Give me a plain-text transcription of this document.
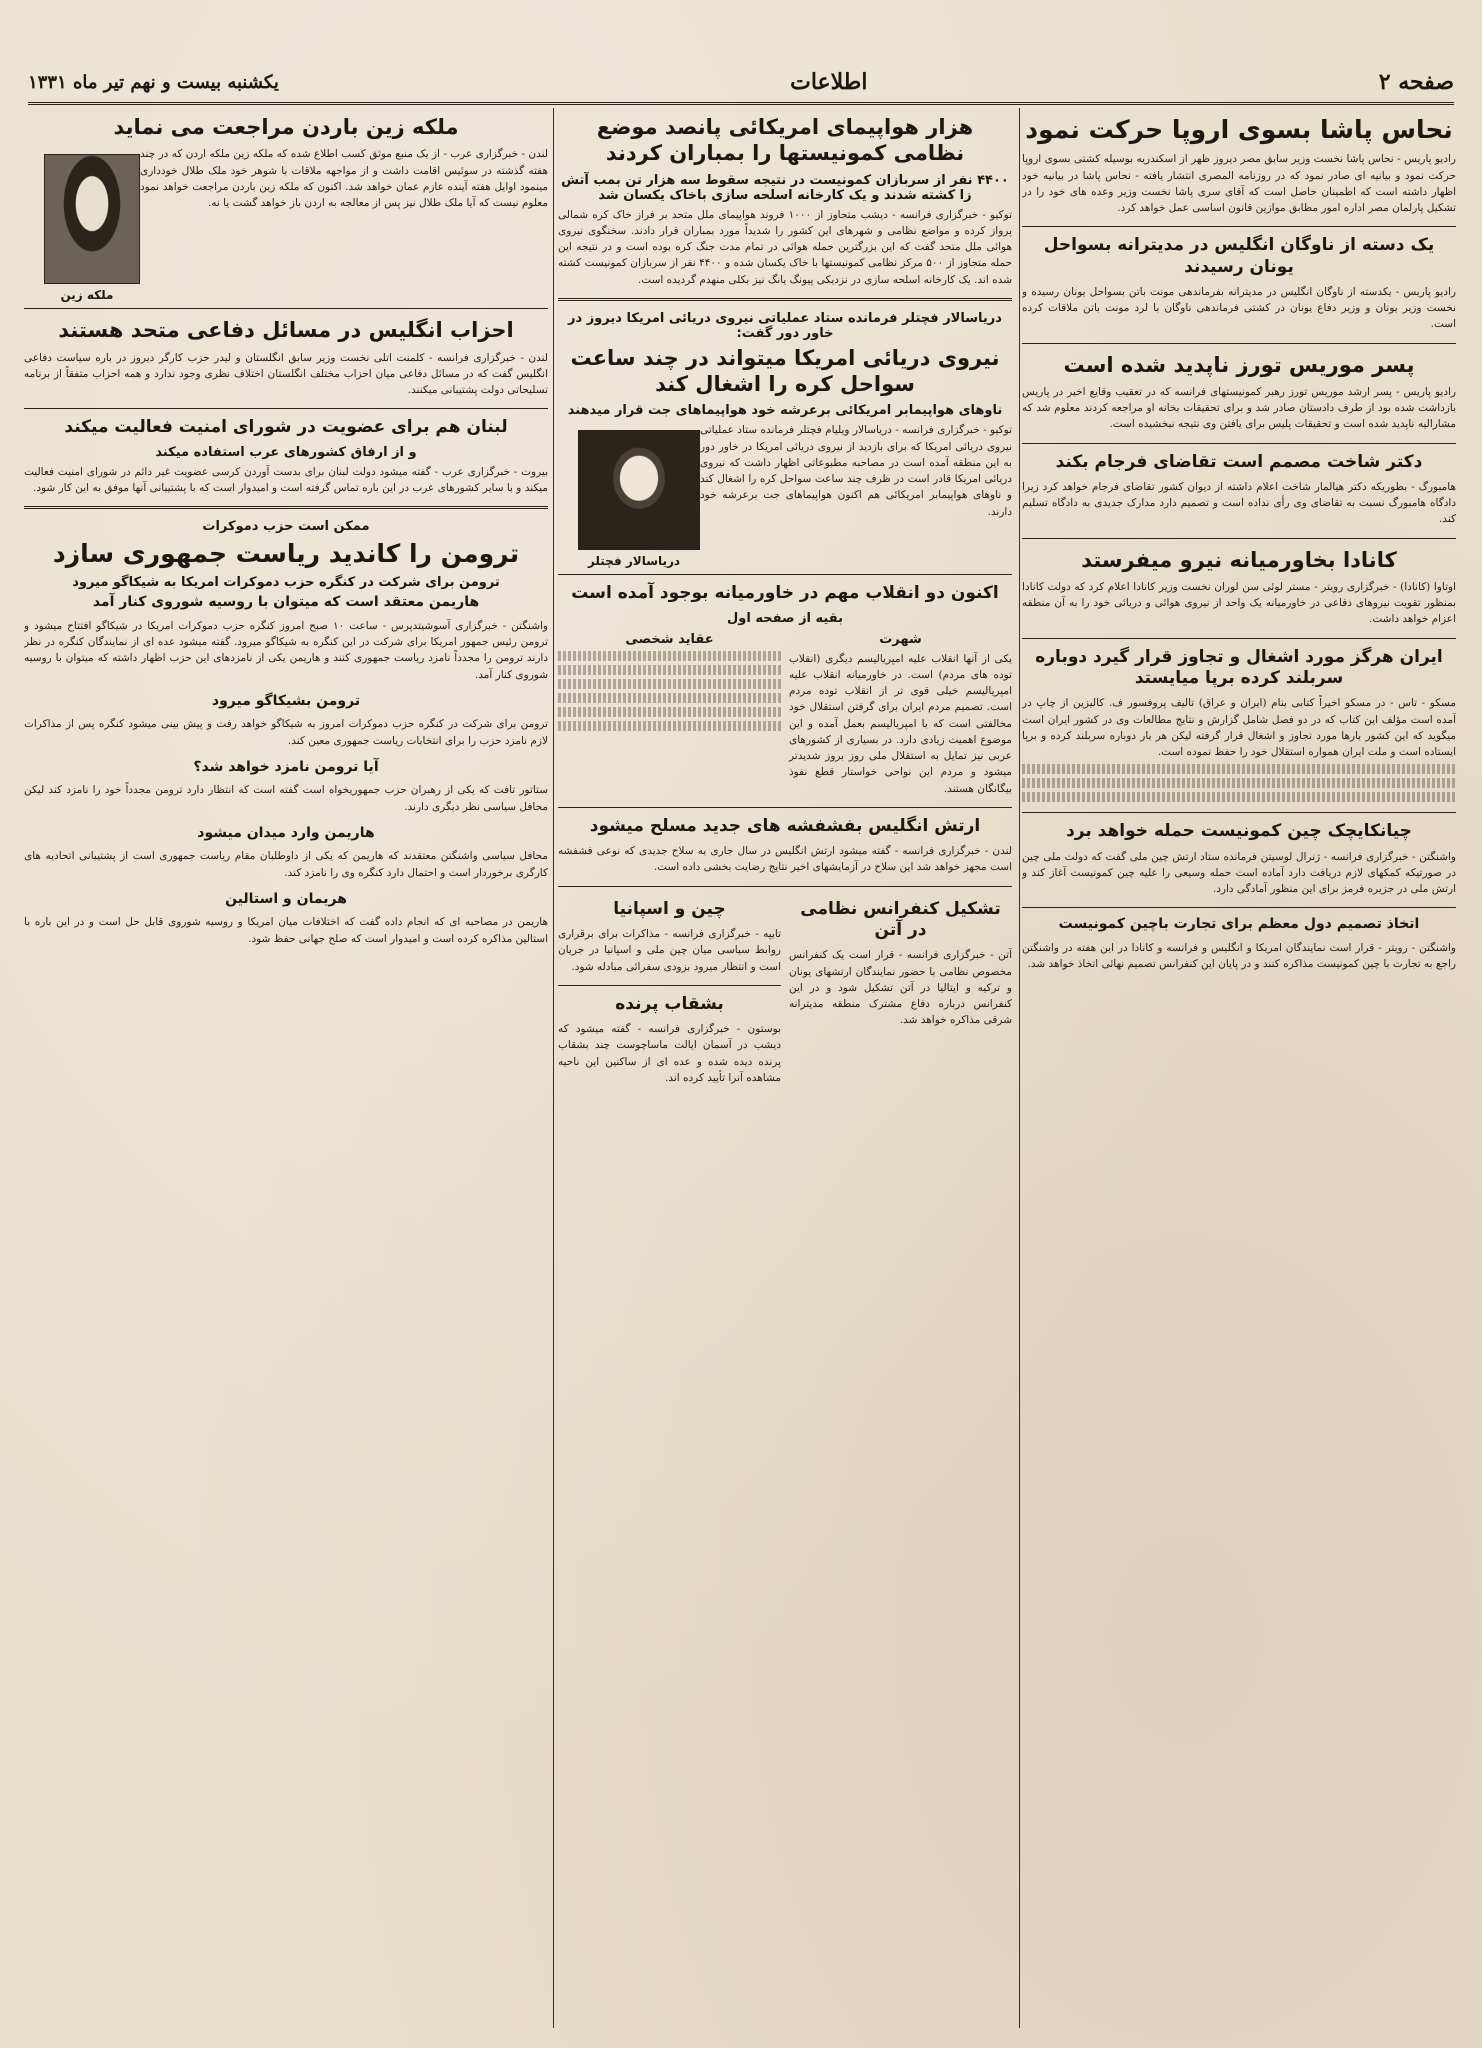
صفحه ۲
اطلاعات
یکشنبه بیست و نهم تیر ماه ۱۳۳۱
نحاس پاشا بسوی اروپا حرکت نمود

رادیو پاریس - نحاس پاشا نخست وزیر سابق مصر دیروز ظهر از اسکندریه بوسیله کشتی بسوی اروپا حرکت نمود و بیانیه ای صادر نمود که در روزنامه المصری انتشار یافته - نحاس پاشا در بیانیه خود اظهار داشته است که اطمینان حاصل است که آقای سری پاشا نخست وزیر وعده های خود را در تشکیل پارلمان مصر اداره امور مطابق موازین قانون اساسی عمل خواهد کرد.

یک دسته از ناوگان انگلیس در مدیترانه بسواحل یونان رسیدند

رادیو پاریس - یکدسته از ناوگان انگلیس در مدیترانه بفرماندهی مونت باتن بسواحل یونان رسیده و نخست وزیر یونان و وزیر دفاع یونان در کشتی فرماندهی ناوگان با لرد مونت باتن ملاقات کرده است.

پسر موریس تورز ناپدید شده است

رادیو پاریس - پسر ارشد موریس تورز رهبر کمونیستهای فرانسه که در تعقیب وقایع اخیر در پاریس بازداشت شده بود از طرف دادستان صادر شد و برای تحقیقات بخانه او مراجعه کردند معلوم شد که مشارالیه ناپدید شده است و تحقیقات پلیس برای یافتن وی نتیجه نبخشیده است.

دکتر شاخت مصمم است تقاضای فرجام بکند

هامبورگ - بطوریکه دکتر هیالمار شاخت اعلام داشته از دیوان کشور تقاضای فرجام خواهد کرد زیرا دادگاه هامبورگ نسبت به تقاضای وی رأی نداده است و تصمیم دارد مدارک جدیدی به دادگاه تسلیم کند.

کانادا بخاورمیانه نیرو میفرستد

اوتاوا (کانادا) - خبرگزاری رویتر - مستر لوئی سن لوران نخست وزیر کانادا اعلام کرد که دولت کانادا بمنظور تقویت نیروهای دفاعی در خاورمیانه یک واحد از نیروی هوائی و دریائی خود را به آن منطقه اعزام خواهد داشت.

ایران هرگز مورد اشغال و تجاوز قرار گیرد دوباره سربلند کرده برپا میایستد

مسکو - تاس - در مسکو اخیراً کتابی بنام (ایران و عراق) تالیف پروفسور ف. کالیزین از چاپ در آمده است مؤلف این کتاب که در دو فصل شامل گزارش و نتایج مطالعات وی در کشور ایران است میگوید که این کشور بارها مورد تجاوز و اشغال قرار گرفته لیکن هر بار دوباره سربلند کرده و برپا ایستاده است و ملت ایران همواره استقلال خود را حفظ نموده است.

چیانکایچک چین کمونیست حمله خواهد برد

واشنگتن - خبرگزاری فرانسه - ژنرال لوسیتن فرمانده ستاد ارتش چین ملی گفت که دولت ملی چین در صورتیکه کمکهای لازم دریافت دارد آماده است حمله وسیعی را علیه چین کمونیست آغاز کند و ارتش ملی در جزیره فرمز برای این منظور آمادگی دارد.

اتخاذ تصمیم دول معظم برای تجارت باچین کمونیست

واشنگتن - رویتر - قرار است نمایندگان امریکا و انگلیس و فرانسه و کانادا در این هفته در واشنگتن راجع به تجارت با چین کمونیست مذاکره کنند و در پایان این کنفرانس تصمیم نهائی اتخاذ خواهد شد.

هزار هواپیمای امریکائی پانصد موضع نظامی کمونیستها را بمباران کردند
۴۴۰۰ نفر از سربازان کمونیست در نتیجه سقوط سه هزار تن بمب آتش زا کشته شدند و یک کارخانه اسلحه سازی باخاک یکسان شد

توکیو - خبرگزاری فرانسه - دیشب متجاوز از ۱۰۰۰ فروند هواپیمای ملل متحد بر فراز خاک کره شمالی پرواز کرده و مواضع نظامی و شهرهای این کشور را شدیداً مورد بمباران قرار دادند. سخنگوی نیروی هوائی ملل متحد گفت که این بزرگترین حمله هوائی در تمام مدت جنگ کره بوده است و در نتیجه این حمله متجاوز از ۵۰۰ مرکز نظامی کمونیستها با خاک یکسان شده و ۴۴۰۰ نفر از سربازان کمونیست کشته شده اند. یک کارخانه اسلحه سازی در نزدیکی پیونگ یانگ نیز بکلی منهدم گردیده است.

دریاسالار فچتلر فرمانده ستاد عملیاتی نیروی دریائی امریکا دیروز در خاور دور گفت:
نیروی دریائی امریکا میتواند در چند ساعت سواحل کره را اشغال کند
ناوهای هواپیمابر امریکائی برعرشه خود هواپیماهای جت قرار میدهند
دریاسالار فچتلر

توکیو - خبرگزاری فرانسه - دریاسالار ویلیام فچتلر فرمانده ستاد عملیاتی نیروی دریائی امریکا که برای بازدید از نیروی دریائی امریکا در خاور دور به این منطقه آمده است در مصاحبه مطبوعاتی اظهار داشت که نیروی دریائی امریکا قادر است در ظرف چند ساعت سواحل کره را اشغال کند و ناوهای هواپیمابر امریکائی هم اکنون هواپیماهای جت برعرشه خود دارند.

اکنون دو انقلاب مهم در خاورمیانه بوجود آمده است
بقیه از صفحه اول
شهرت

یکی از آنها انقلاب علیه امپریالیسم دیگری (انقلاب توده های مردم) است. در خاورمیانه انقلاب علیه امپریالیسم خیلی قوی تر از انقلاب توده مردم است. تصمیم مردم ایران برای گرفتن استقلال خود مخالفتی است که با امپریالیسم بعمل آمده و این موضوع اهمیت زیادی دارد. در بسیاری از کشورهای عربی نیز تمایل به استقلال ملی روز بروز شدیدتر میشود و مردم این نواحی خواستار قطع نفوذ بیگانگان هستند.

عقاید شخصی
ارتش انگلیس بفشفشه های جدید مسلح میشود

لندن - خبرگزاری فرانسه - گفته میشود ارتش انگلیس در سال جاری به سلاح جدیدی که نوعی فشفشه است مجهز خواهد شد این سلاح در آزمایشهای اخیر نتایج رضایت بخشی داده است.

تشکیل کنفرانس نظامی در آتن

آتن - خبرگزاری فرانسه - قرار است یک کنفرانس مخصوص نظامی با حضور نمایندگان ارتشهای یونان و ترکیه و ایتالیا در آتن تشکیل شود و در این کنفرانس درباره دفاع مشترک منطقه مدیترانه شرقی مذاکره خواهد شد.

چین و اسپانیا

تایپه - خبرگزاری فرانسه - مذاکرات برای برقراری روابط سیاسی میان چین ملی و اسپانیا در جریان است و انتظار میرود بزودی سفرائی مبادله شود.

بشقاب پرنده

بوستون - خبرگزاری فرانسه - گفته میشود که دیشب در آسمان ایالت ماساچوست چند بشقاب پرنده دیده شده و عده ای از ساکنین این ناحیه مشاهده آنرا تأیید کرده اند.

ملکه زین باردن مراجعت می نماید
ملکه زین

لندن - خبرگزاری عرب - از یک منبع موثق کسب اطلاع شده که ملکه زین ملکه اردن که در چند هفته گذشته در سوئیس اقامت داشت و از مواجهه ملاقات با شوهر خود ملک طلال خودداری مینمود اوایل هفته آینده عازم عمان خواهد شد. اکنون که ملکه زین باردن مراجعت خواهد نمود معلوم نیست که آیا ملک طلال نیز پس از معالجه به اردن باز خواهد گشت یا نه.

احزاب انگلیس در مسائل دفاعی متحد هستند

لندن - خبرگزاری فرانسه - کلمنت اتلی نخست وزیر سابق انگلستان و لیدر حزب کارگر دیروز در باره سیاست دفاعی انگلیس گفت که در مسائل دفاعی میان احزاب مختلف انگلستان اختلاف نظری وجود ندارد و همه احزاب متفقاً از برنامه تسلیحاتی دولت پشتیبانی میکنند.

لبنان هم برای عضویت در شورای امنیت فعالیت میکند
و از ارفاق کشورهای عرب استفاده میکند

بیروت - خبرگزاری عرب - گفته میشود دولت لبنان برای بدست آوردن کرسی عضویت غیر دائم در شورای امنیت فعالیت میکند و با سایر کشورهای عرب در این باره تماس گرفته است و امیدوار است که با پشتیبانی آنها موفق به این کار شود.

ممکن است حزب دموکرات
ترومن را کاندید ریاست جمهوری سازد
ترومن برای شرکت در کنگره حزب دموکرات امریکا به شیکاگو میرود
هاریمن معتقد است که میتوان با روسیه شوروی کنار آمد

واشنگتن - خبرگزاری آسوشیتدپرس - ساعت ۱۰ صبح امروز کنگره حزب دموکرات امریکا در شیکاگو افتتاح میشود و ترومن رئیس جمهور امریکا برای شرکت در این کنگره به شیکاگو میرود. گفته میشود عده ای از نمایندگان کنگره در نظر دارند ترومن را مجدداً نامزد ریاست جمهوری کنند و هاریمن یکی از نامزدهای این حزب اظهار داشته که میتوان با روسیه شوروی کنار آمد.

ترومن بشیکاگو میرود

ترومن برای شرکت در کنگره حزب دموکرات امروز به شیکاگو خواهد رفت و پیش بینی میشود کنگره پس از مذاکرات لازم نامزد حزب را برای انتخابات ریاست جمهوری معین کند.

آیا ترومن نامزد خواهد شد؟

ستاتور تافت که یکی از رهبران حزب جمهوریخواه است گفته است که انتظار دارد ترومن مجدداً خود را نامزد کند لیکن محافل سیاسی نظر دیگری دارند.

هاریمن وارد میدان میشود

محافل سیاسی واشنگتن معتقدند که هاریمن که یکی از داوطلبان مقام ریاست جمهوری است از پشتیبانی اتحادیه های کارگری برخوردار است و احتمال دارد کنگره وی را نامزد کند.

هریمان و استالین

هاریمن در مصاحبه ای که انجام داده گفت که اختلافات میان امریکا و روسیه شوروی قابل حل است و در این باره با استالین مذاکره کرده است و امیدوار است که صلح جهانی حفظ شود.
